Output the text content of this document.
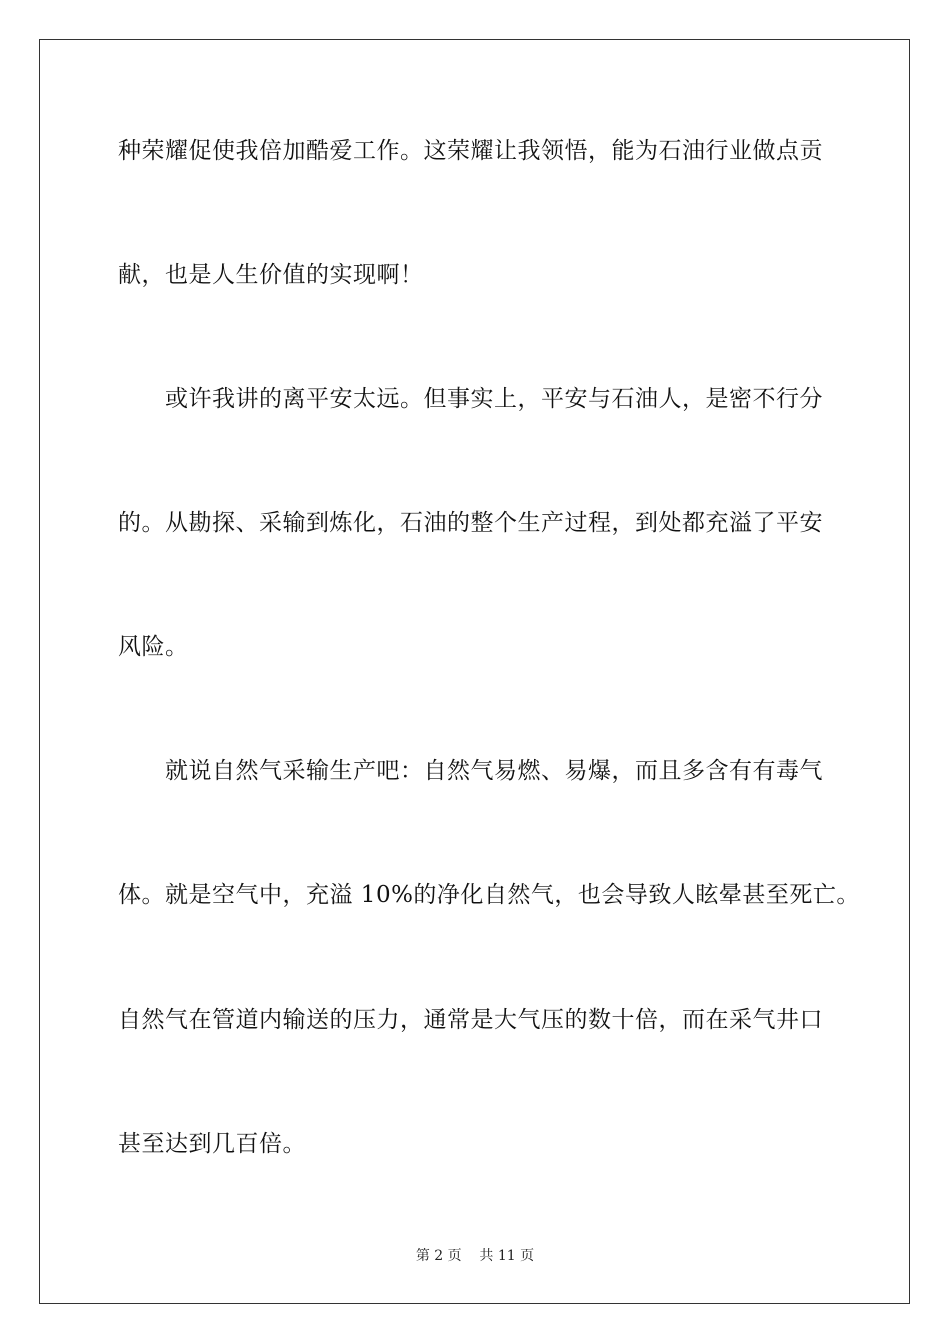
种荣耀促使我倍加酷爱工作。这荣耀让我领悟，能为石油行业做点贡
献，也是人生价值的实现啊！
或许我讲的离平安太远。但事实上，平安与石油人，是密不行分
的。从勘探、采输到炼化，石油的整个生产过程，到处都充溢了平安
风险。
就说自然气采输生产吧：自然气易燃、易爆，而且多含有有毒气
体。就是空气中，充溢 10%的净化自然气，也会导致人眩晕甚至死亡。
自然气在管道内输送的压力，通常是大气压的数十倍，而在采气井口
甚至达到几百倍。
第 2 页    共 11 页
